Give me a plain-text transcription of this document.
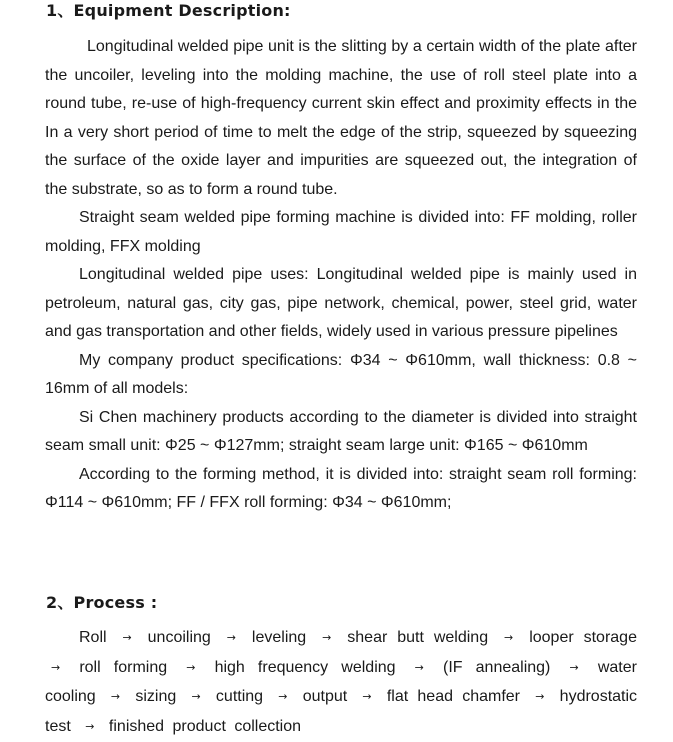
1、Equipment Description:

Longitudinal welded pipe unit is the slitting by a certain width of the plate after the uncoiler, leveling into the molding machine, the use of roll steel plate into a round tube, re-use of high-frequency current skin effect and proximity effects in the In a very short period of time to melt the edge of the strip, squeezed by squeezing the surface of the oxide layer and impurities are squeezed out, the integration of the substrate, so as to form a round tube.

Straight seam welded pipe forming machine is divided into: FF molding, roller molding, FFX molding

Longitudinal welded pipe uses: Longitudinal welded pipe is mainly used in petroleum, natural gas, city gas, pipe network, chemical, power, steel grid, water and gas transportation and other fields, widely used in various pressure pipelines

My company product specifications: Φ34 ~ Φ610mm, wall thickness: 0.8 ~ 16mm of all models:

Si Chen machinery products according to the diameter is divided into straight seam small unit: Φ25 ~ Φ127mm; straight seam large unit: Φ165 ~ Φ610mm

According to the forming method, it is divided into: straight seam roll forming: Φ114 ~ Φ610mm; FF / FFX roll forming: Φ34 ~ Φ610mm;

2、Process :

Roll → uncoiling → leveling → shear butt welding → looper storage → roll forming → high frequency welding → (IF annealing) → water cooling → sizing → cutting → output → flat head chamfer → hydrostatic test → finished product collection
